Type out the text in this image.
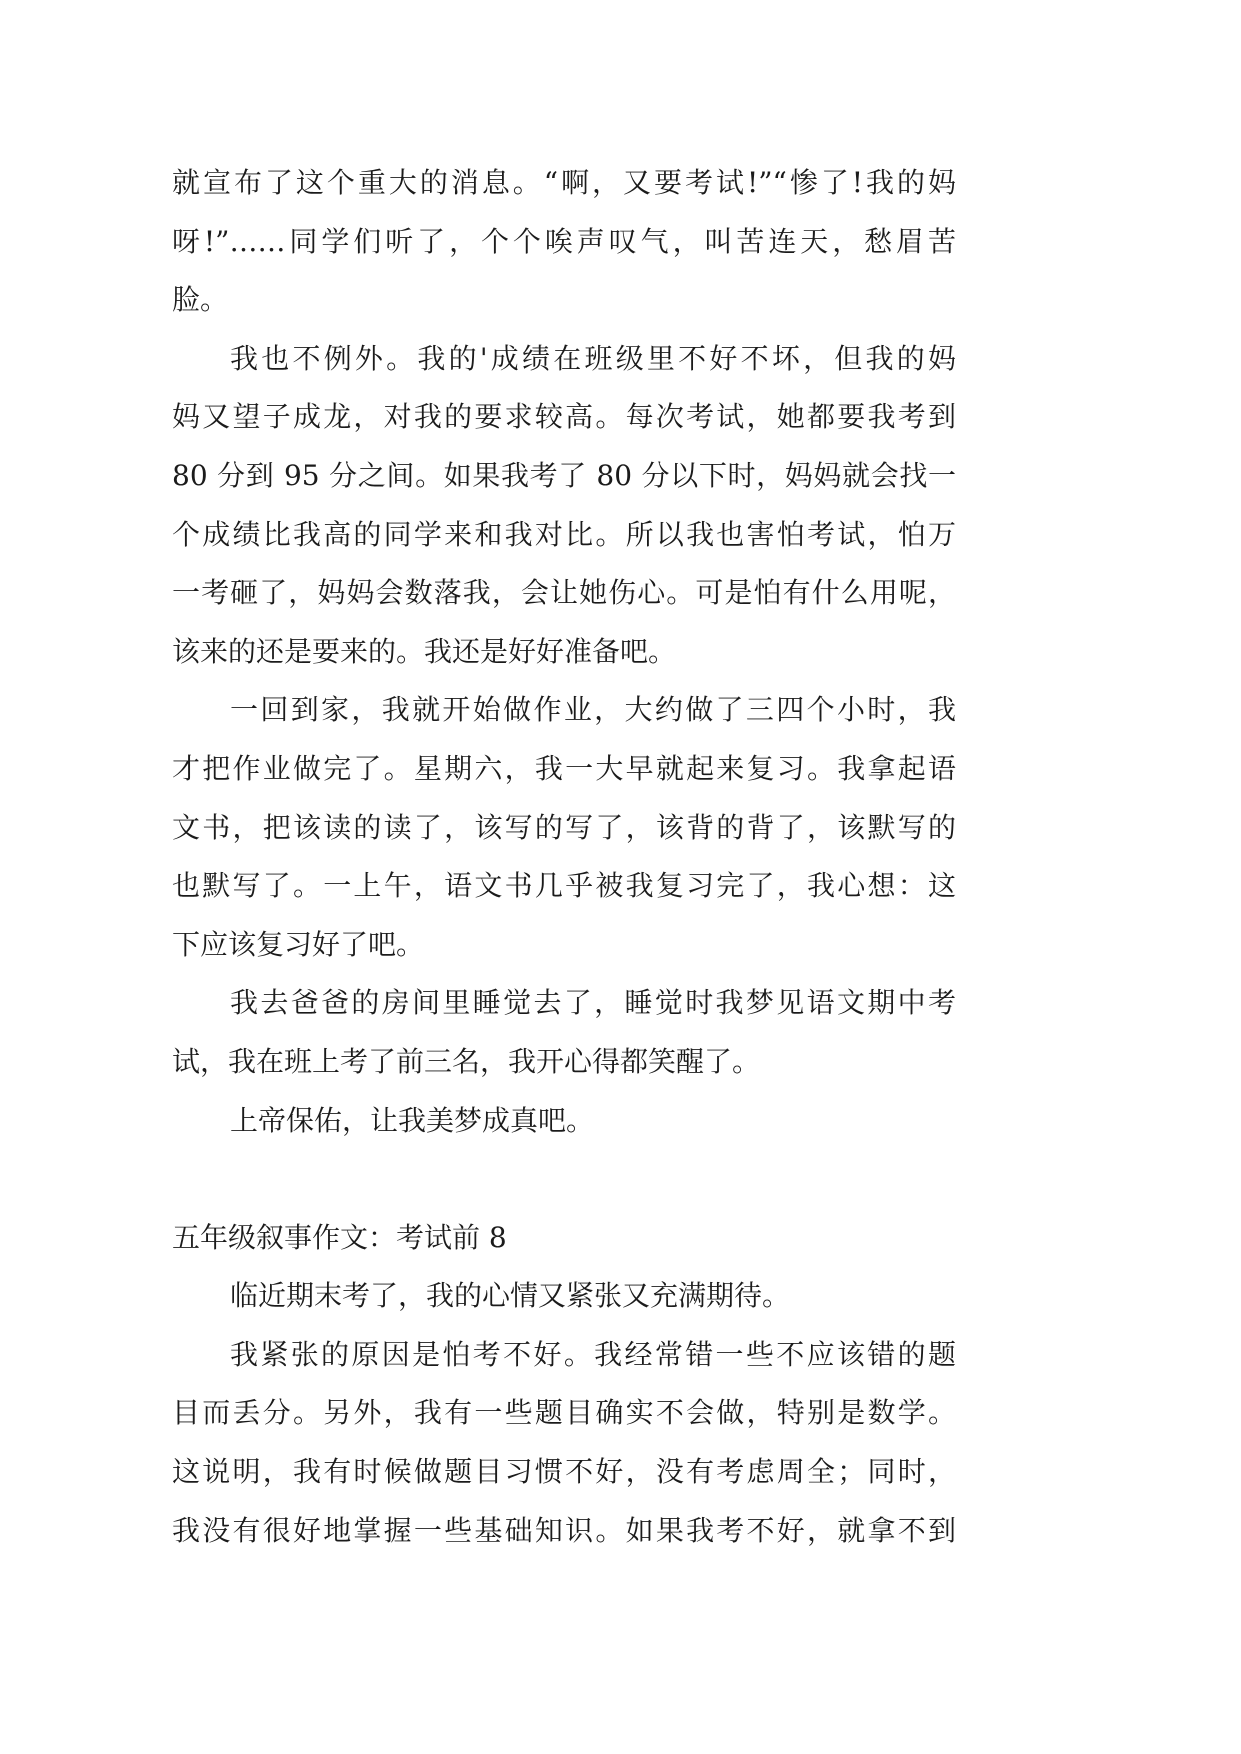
就宣布了这个重大的消息。“啊，又要考试!”“惨了!我的妈
呀!”……同学们听了，个个唉声叹气，叫苦连天，愁眉苦
脸。
我也不例外。我的'成绩在班级里不好不坏，但我的妈
妈又望子成龙，对我的要求较高。每次考试，她都要我考到
80 分到 95 分之间。如果我考了 80 分以下时，妈妈就会找一
个成绩比我高的同学来和我对比。所以我也害怕考试，怕万
一考砸了，妈妈会数落我，会让她伤心。可是怕有什么用呢，
该来的还是要来的。我还是好好准备吧。
一回到家，我就开始做作业，大约做了三四个小时，我
才把作业做完了。星期六，我一大早就起来复习。我拿起语
文书，把该读的读了，该写的写了，该背的背了，该默写的
也默写了。一上午，语文书几乎被我复习完了，我心想：这
下应该复习好了吧。
我去爸爸的房间里睡觉去了，睡觉时我梦见语文期中考
试，我在班上考了前三名，我开心得都笑醒了。
上帝保佑，让我美梦成真吧。
五年级叙事作文：考试前 8
临近期末考了，我的心情又紧张又充满期待。
我紧张的原因是怕考不好。我经常错一些不应该错的题
目而丢分。另外，我有一些题目确实不会做，特别是数学。
这说明，我有时候做题目习惯不好，没有考虑周全；同时，
我没有很好地掌握一些基础知识。如果我考不好，就拿不到
